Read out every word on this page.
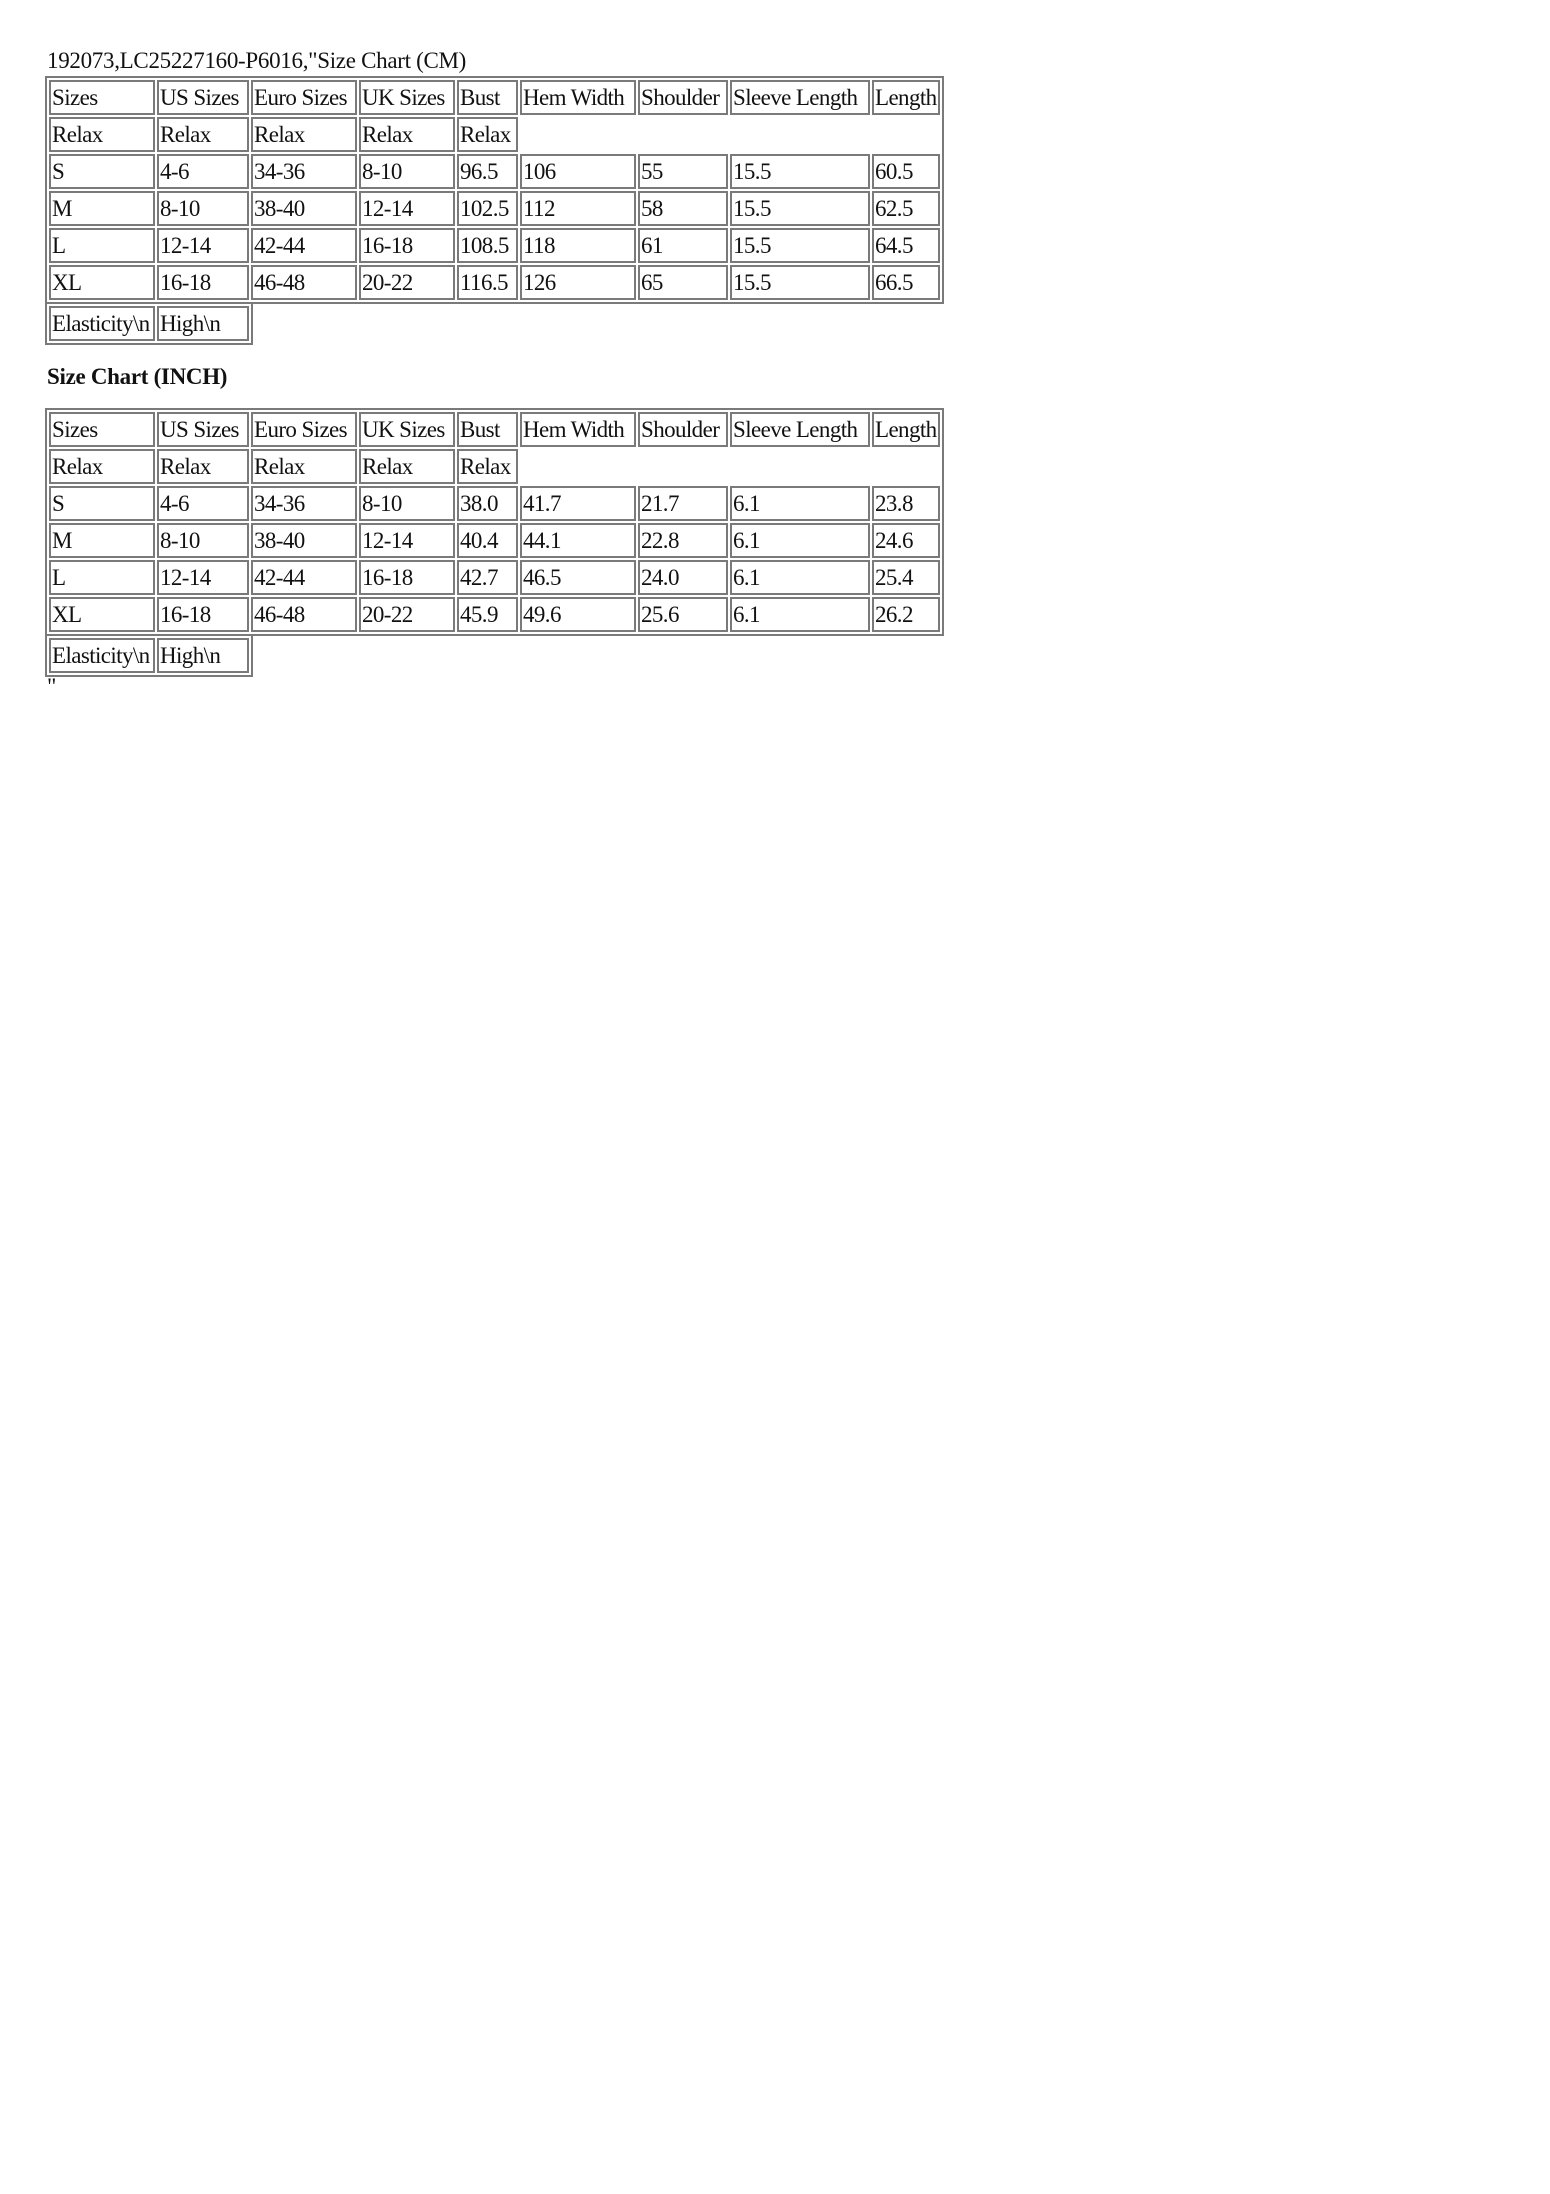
192073,LC25227160-P6016,"Size Chart (CM)
Sizes	US Sizes	Euro Sizes	UK Sizes	Bust	Hem Width	Shoulder	Sleeve Length	Length
Relax	Relax	Relax	Relax	Relax				
S	4-6	34-36	8-10	96.5	106	55	15.5	60.5
M	8-10	38-40	12-14	102.5	112	58	15.5	62.5
L	12-14	42-44	16-18	108.5	118	61	15.5	64.5
XL	16-18	46-48	20-22	116.5	126	65	15.5	66.5
Elasticity\n	High\n
Size Chart (INCH)
Sizes	US Sizes	Euro Sizes	UK Sizes	Bust	Hem Width	Shoulder	Sleeve Length	Length
Relax	Relax	Relax	Relax	Relax				
S	4-6	34-36	8-10	38.0	41.7	21.7	6.1	23.8
M	8-10	38-40	12-14	40.4	44.1	22.8	6.1	24.6
L	12-14	42-44	16-18	42.7	46.5	24.0	6.1	25.4
XL	16-18	46-48	20-22	45.9	49.6	25.6	6.1	26.2
Elasticity\n	High\n
"
